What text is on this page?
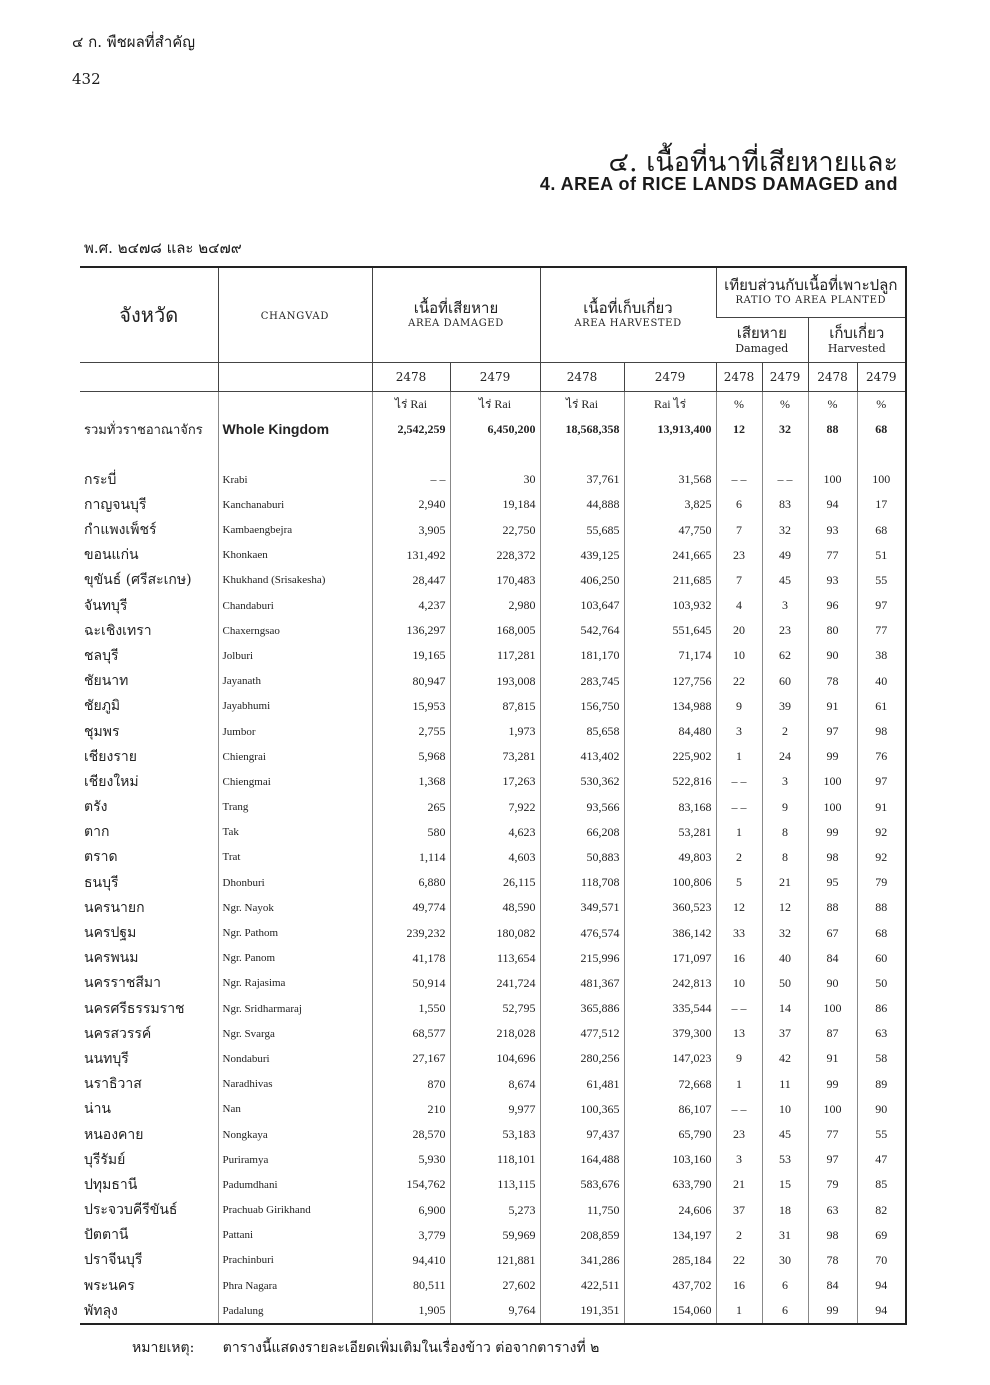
๔ ก. พืชผลที่สำคัญ
432
๔. เนื้อที่นาที่เสียหายและ
4. AREA of RICE LANDS DAMAGED and
พ.ศ. ๒๔๗๘ และ ๒๔๗๙
จังหวัด	CHANGVAD	เนื้อที่เสียหาย
AREA DAMAGED		เนื้อที่เก็บเกี่ยว
AREA HARVESTED		เทียบส่วนกับเนื้อที่เพาะปลูก
RATIO TO AREA PLANTED			

						เสียหาย
Damaged		เก็บเกี่ยว
Harvested	

		2478	2479	2478	2479	2478	2479	2478	2479
		ไร่ Rai	ไร่ Rai	ไร่ Rai	Rai ไร่	%	%	%	%
รวมทั่วราชอาณาจักร	Whole Kingdom	2,542,259	6,450,200	18,568,358	13,913,400	12	32	88	68

กระบี่	Krabi	– –	30	37,761	31,568	– –	– –	100	100
กาญจนบุรี	Kanchanaburi	2,940	19,184	44,888	3,825	6	83	94	17
กำแพงเพ็ชร์	Kambaengbejra	3,905	22,750	55,685	47,750	7	32	93	68
ขอนแก่น	Khonkaen	131,492	228,372	439,125	241,665	23	49	77	51
ขุขันธ์ (ศรีสะเกษ)	Khukhand (Srisakesha)	28,447	170,483	406,250	211,685	7	45	93	55
จันทบุรี	Chandaburi	4,237	2,980	103,647	103,932	4	3	96	97
ฉะเชิงเทรา	Chaxerngsao	136,297	168,005	542,764	551,645	20	23	80	77
ชลบุรี	Jolburi	19,165	117,281	181,170	71,174	10	62	90	38
ชัยนาท	Jayanath	80,947	193,008	283,745	127,756	22	60	78	40
ชัยภูมิ	Jayabhumi	15,953	87,815	156,750	134,988	9	39	91	61
ชุมพร	Jumbor	2,755	1,973	85,658	84,480	3	2	97	98
เชียงราย	Chiengrai	5,968	73,281	413,402	225,902	1	24	99	76
เชียงใหม่	Chiengmai	1,368	17,263	530,362	522,816	– –	3	100	97
ตรัง	Trang	265	7,922	93,566	83,168	– –	9	100	91
ตาก	Tak	580	4,623	66,208	53,281	1	8	99	92
ตราด	Trat	1,114	4,603	50,883	49,803	2	8	98	92
ธนบุรี	Dhonburi	6,880	26,115	118,708	100,806	5	21	95	79
นครนายก	Ngr. Nayok	49,774	48,590	349,571	360,523	12	12	88	88
นครปฐม	Ngr. Pathom	239,232	180,082	476,574	386,142	33	32	67	68
นครพนม	Ngr. Panom	41,178	113,654	215,996	171,097	16	40	84	60
นครราชสีมา	Ngr. Rajasima	50,914	241,724	481,367	242,813	10	50	90	50
นครศรีธรรมราช	Ngr. Sridharmaraj	1,550	52,795	365,886	335,544	– –	14	100	86
นครสวรรค์	Ngr. Svarga	68,577	218,028	477,512	379,300	13	37	87	63
นนทบุรี	Nondaburi	27,167	104,696	280,256	147,023	9	42	91	58
นราธิวาส	Naradhivas	870	8,674	61,481	72,668	1	11	99	89
น่าน	Nan	210	9,977	100,365	86,107	– –	10	100	90
หนองคาย	Nongkaya	28,570	53,183	97,437	65,790	23	45	77	55
บุรีรัมย์	Puriramya	5,930	118,101	164,488	103,160	3	53	97	47
ปทุมธานี	Padumdhani	154,762	113,115	583,676	633,790	21	15	79	85
ประจวบคีรีขันธ์	Prachuab Girikhand	6,900	5,273	11,750	24,606	37	18	63	82
ปัตตานี	Pattani	3,779	59,969	208,859	134,197	2	31	98	69
ปราจีนบุรี	Prachinburi	94,410	121,881	341,286	285,184	22	30	78	70
พระนคร	Phra Nagara	80,511	27,602	422,511	437,702	16	6	84	94
พัทลุง	Padalung	1,905	9,764	191,351	154,060	1	6	99	94
หมายเหตุ: ตารางนี้แสดงรายละเอียดเพิ่มเติมในเรื่องข้าว ต่อจากตารางที่ ๒
